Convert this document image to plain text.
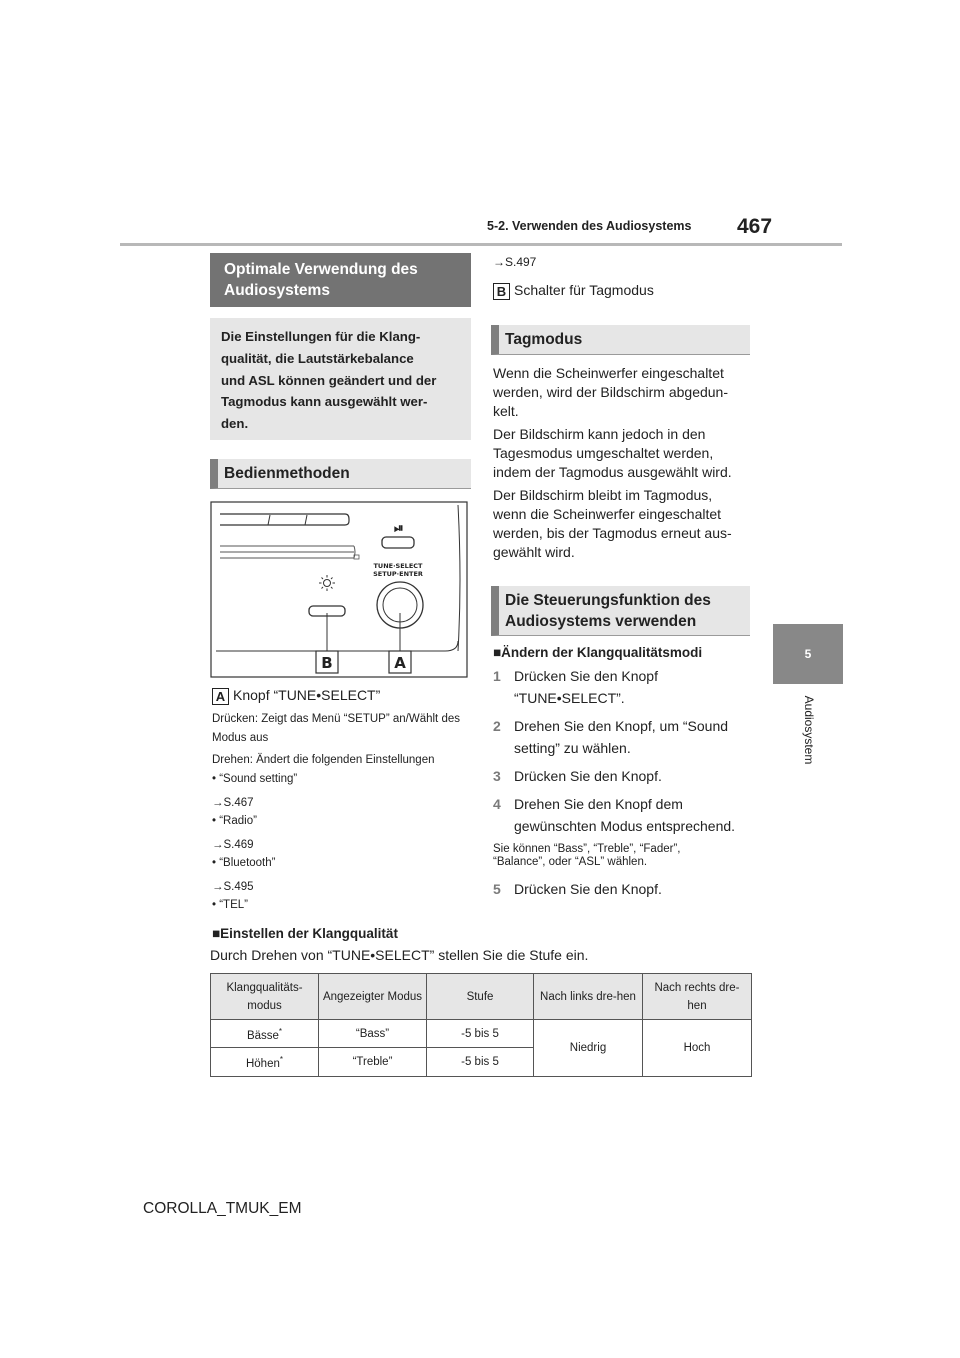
5-2. Verwenden des Audiosystems 467
5
Audiosystem
Optimale Verwendung des
Audiosystems
Die Einstellungen für die Klang-
qualität, die Lautstärkebalance
und ASL können geändert und der
Tagmodus kann ausgewählt wer-
den.
Bedienmethoden
⏯
TUNE·SELECT
SETUP·ENTER
B	A
A Knopf “TUNE•SELECT”
Drücken: Zeigt das Menü “SETUP” an/Wählt des Modus aus
Drehen: Ändert die folgenden Einstellungen
• “Sound setting”
→S.467
• “Radio”
→S.469
• “Bluetooth”
→S.495
• “TEL”
→S.497
B Schalter für Tagmodus
Tagmodus
Wenn die Scheinwerfer eingeschaltet werden, wird der Bildschirm abgedun-kelt.
Der Bildschirm kann jedoch in den Tagesmodus umgeschaltet werden, indem der Tagmodus ausgewählt wird.
Der Bildschirm bleibt im Tagmodus, wenn die Scheinwerfer eingeschaltet werden, bis der Tagmodus erneut aus-gewählt wird.
Die Steuerungsfunktion des
Audiosystems verwenden
■Ändern der Klangqualitätsmodi
1 Drücken Sie den Knopf “TUNE•SELECT”.
2 Drehen Sie den Knopf, um “Sound setting” zu wählen.
3 Drücken Sie den Knopf.
4 Drehen Sie den Knopf dem gewünschten Modus entsprechend.
Sie können “Bass”, “Treble”, “Fader”, “Balance”, oder “ASL” wählen.
5 Drücken Sie den Knopf.
■Einstellen der Klangqualität
Durch Drehen von “TUNE•SELECT” stellen Sie die Stufe ein.
Klangqualitäts-modus	Angezeigter Modus	Stufe	Nach links dre-hen	Nach rechts dre-hen
Bässe*	“Bass”	-5 bis 5	Niedrig	Hoch
Höhen*	“Treble”	-5 bis 5		
COROLLA_TMUK_EM
